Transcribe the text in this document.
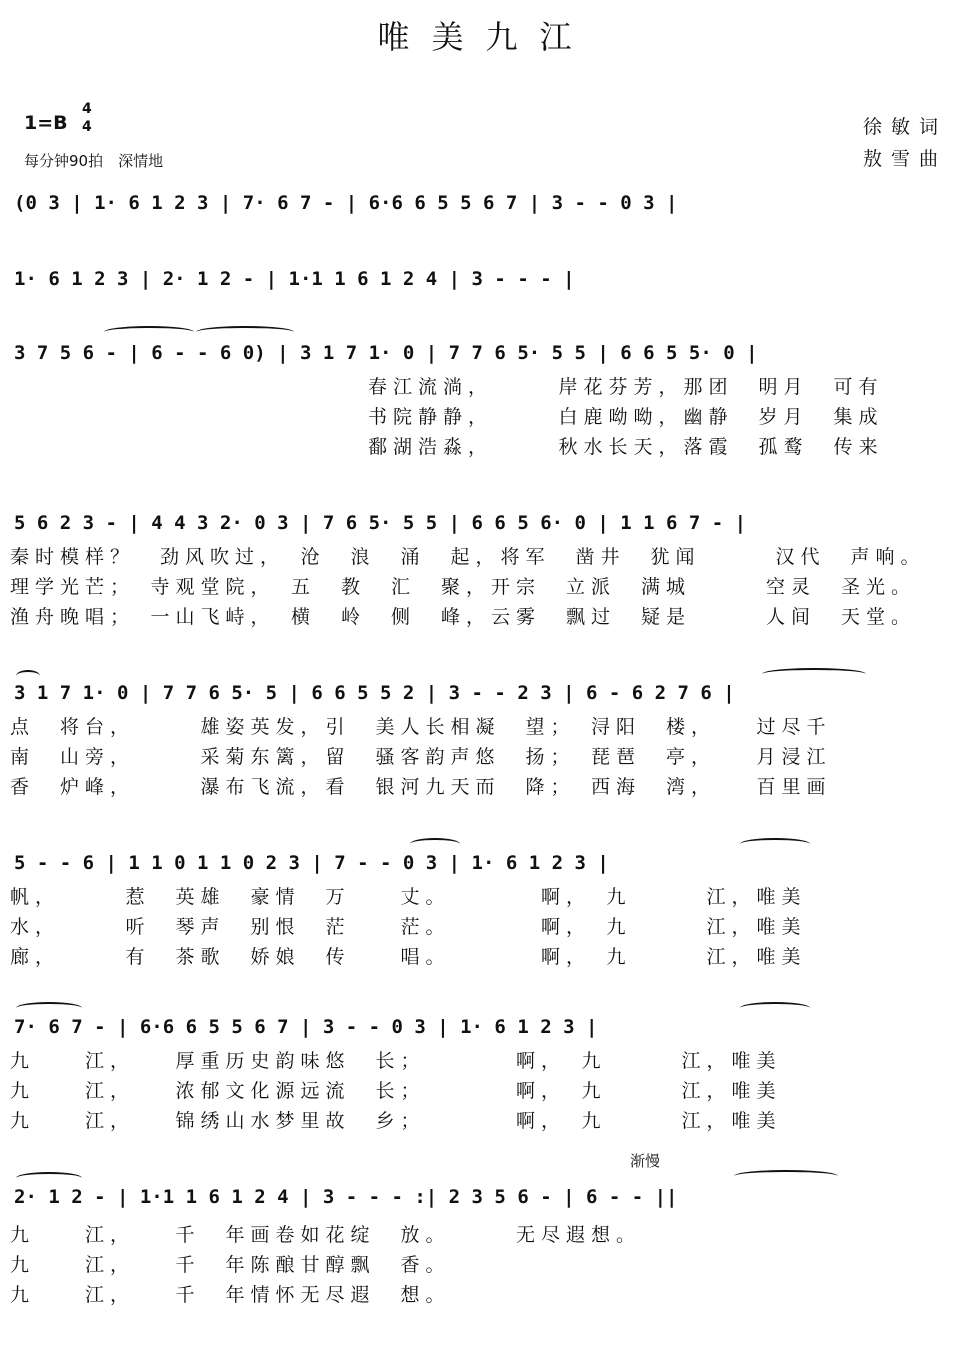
唯美九江
1=B
4
4
每分钟90拍　深情地
徐敏词
敖雪曲
(0 3 | 1· 6 1 2 3 | 7· 6 7 - | 6·6 6 5 5 6 7 | 3 - - 0 3 |
1· 6 1 2 3 | 2· 1 2 - | 1·1 1 6 1 2 4 | 3 - - - |
3 7 5 6 - | 6 - - 6 0) | 3 1 7 1· 0 | 7 7 6 5· 5 5 | 6 6 5 5· 0 |
春江流淌，　　　岸花芬芳，那团　明月　可有
书院静静，　　　白鹿呦呦，幽静　岁月　集成
鄱湖浩淼，　　　秋水长天，落霞　孤鹜　传来
5 6 2 3 - | 4 4 3 2· 0 3 | 7 6 5· 5 5 | 6 6 5 6· 0 | 1 1 6 7 - |
秦时模样？　劲风吹过，　沧　浪　涌　起，将军　凿井　犹闻　　　汉代　声响。
理学光芒；　寺观堂院，　五　教　汇　聚，开宗　立派　满城　　　空灵　圣光。
渔舟晚唱；　一山飞峙，　横　岭　侧　峰，云雾　飘过　疑是　　　人间　天堂。
3 1 7 1· 0 | 7 7 6 5· 5 | 6 6 5 5 2 | 3 - - 2 3 | 6 - 6 2 7 6 |
点　将台，　　　雄姿英发，引　美人长相凝　望；　浔阳　楼，　　过尽千
南　山旁，　　　采菊东篱，留　骚客韵声悠　扬；　琵琶　亭，　　月浸江
香　炉峰，　　　瀑布飞流，看　银河九天而　降；　西海　湾，　　百里画
5 - - 6 | 1 1 0 1 1 0 2 3 | 7 - - 0 3 | 1· 6 1 2 3 |
帆，　　　惹　英雄　豪情　万　　丈。　　　　啊，　九　　　江，唯美
水，　　　听　琴声　别恨　茫　　茫。　　　　啊，　九　　　江，唯美
廊，　　　有　茶歌　娇娘　传　　唱。　　　　啊，　九　　　江，唯美
7· 6 7 - | 6·6 6 5 5 6 7 | 3 - - 0 3 | 1· 6 1 2 3 |
九　　江，　　厚重历史韵味悠　长；　　　　啊，　九　　　江，唯美
九　　江，　　浓郁文化源远流　长；　　　　啊，　九　　　江，唯美
九　　江，　　锦绣山水梦里故　乡；　　　　啊，　九　　　江，唯美
渐慢
2· 1 2 - | 1·1 1 6 1 2 4 | 3 - - - :| 2 3 5 6 - | 6 - - ||
九　　江，　　千　年画卷如花绽　放。　　　无尽遐想。
九　　江，　　千　年陈酿甘醇飘　香。
九　　江，　　千　年情怀无尽遐　想。
